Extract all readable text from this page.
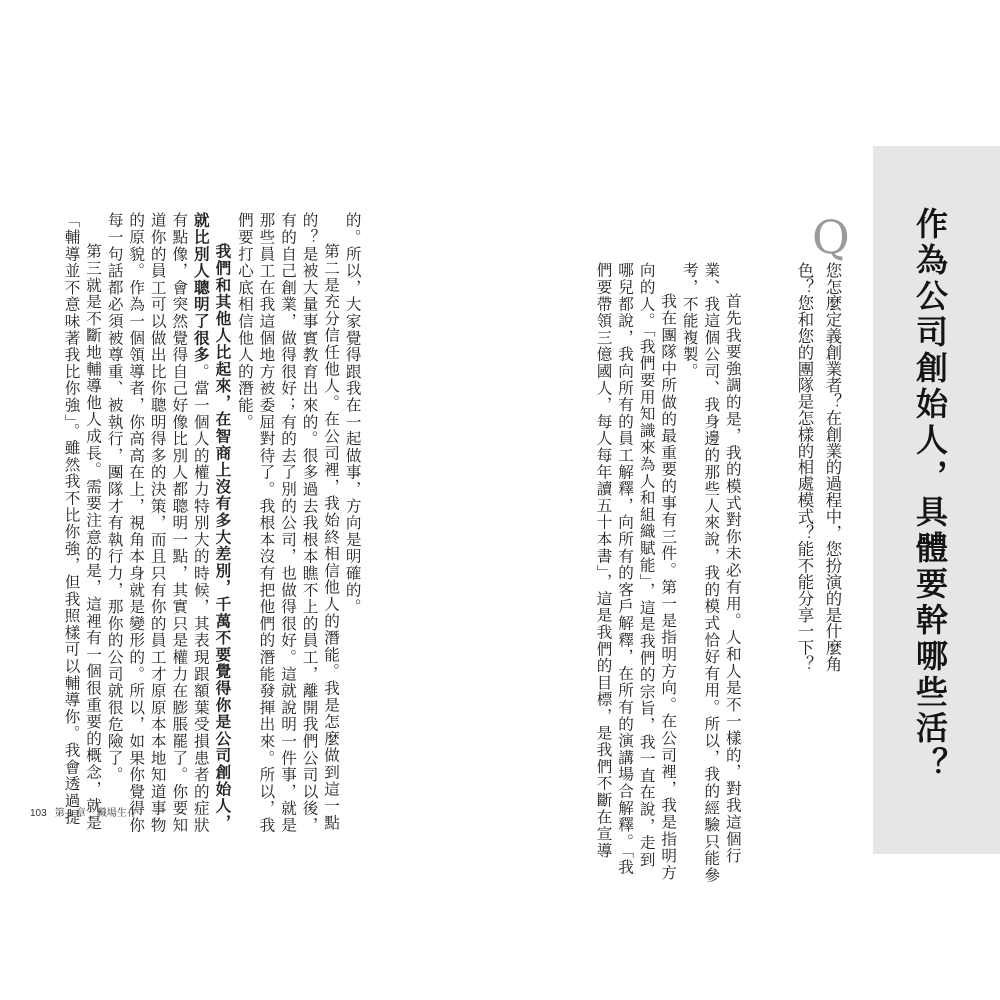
作為公司創始人，具體要幹哪些活？
Q
您怎麼定義創業者？在創業的過程中，您扮演的是什麼角色？您和您的團隊是怎樣的相處模式？能不能分享一下？
首先我要強調的是，我的模式對你未必有用。人和人是不一樣的，對我這個行
業、我這個公司、我身邊的那些人來說，我的模式恰好有用。所以，我的經驗只能參
考，不能複製。
我在團隊中所做的最重要的事有三件。第一是指明方向。在公司裡，我是指明方
向的人。「我們要用知識來為人和組織賦能」，這是我們的宗旨，我一直在說，走到
哪兒都說，我向所有的員工解釋，向所有的客戶解釋，在所有的演講場合解釋。「我
們要帶領三億國人，每人每年讀五十本書」，這是我們的目標，是我們不斷在宣導
的。所以，大家覺得跟我在一起做事，方向是明確的。
第二是充分信任他人。在公司裡，我始終相信他人的潛能。我是怎麼做到這一點
的？是被大量事實教育出來的。很多過去我根本瞧不上的員工，離開我們公司以後，
有的自己創業，做得很好；有的去了別的公司，也做得很好。這就說明一件事，就是
那些員工在我這個地方被委屈對待了。我根本沒有把他們的潛能發揮出來。所以，我
們要打心底相信他人的潛能。
我們和其他人比起來，在智商上沒有多大差別，千萬不要覺得你是公司創始人，
就比別人聰明了很多。當一個人的權力特別大的時候，其表現跟額葉受損患者的症狀
有點像，會突然覺得自己好像比別人都聰明一點，其實只是權力在膨脹罷了。你要知
道你的員工可以做出比你聰明得多的決策，而且只有你的員工才原原本本地知道事物
的原貌。作為一個領導者，你高高在上，視角本身就是變形的。所以，如果你覺得你
每一句話都必須被尊重、被執行，團隊才有執行力，那你的公司就很危險了。
第三就是不斷地輔導他人成長。需要注意的是，這裡有一個很重要的概念，就是
「輔導並不意味著我比你強」。雖然我不比你強，但我照樣可以輔導你。我會透過提
103 第 1 章 _ 職場生存
